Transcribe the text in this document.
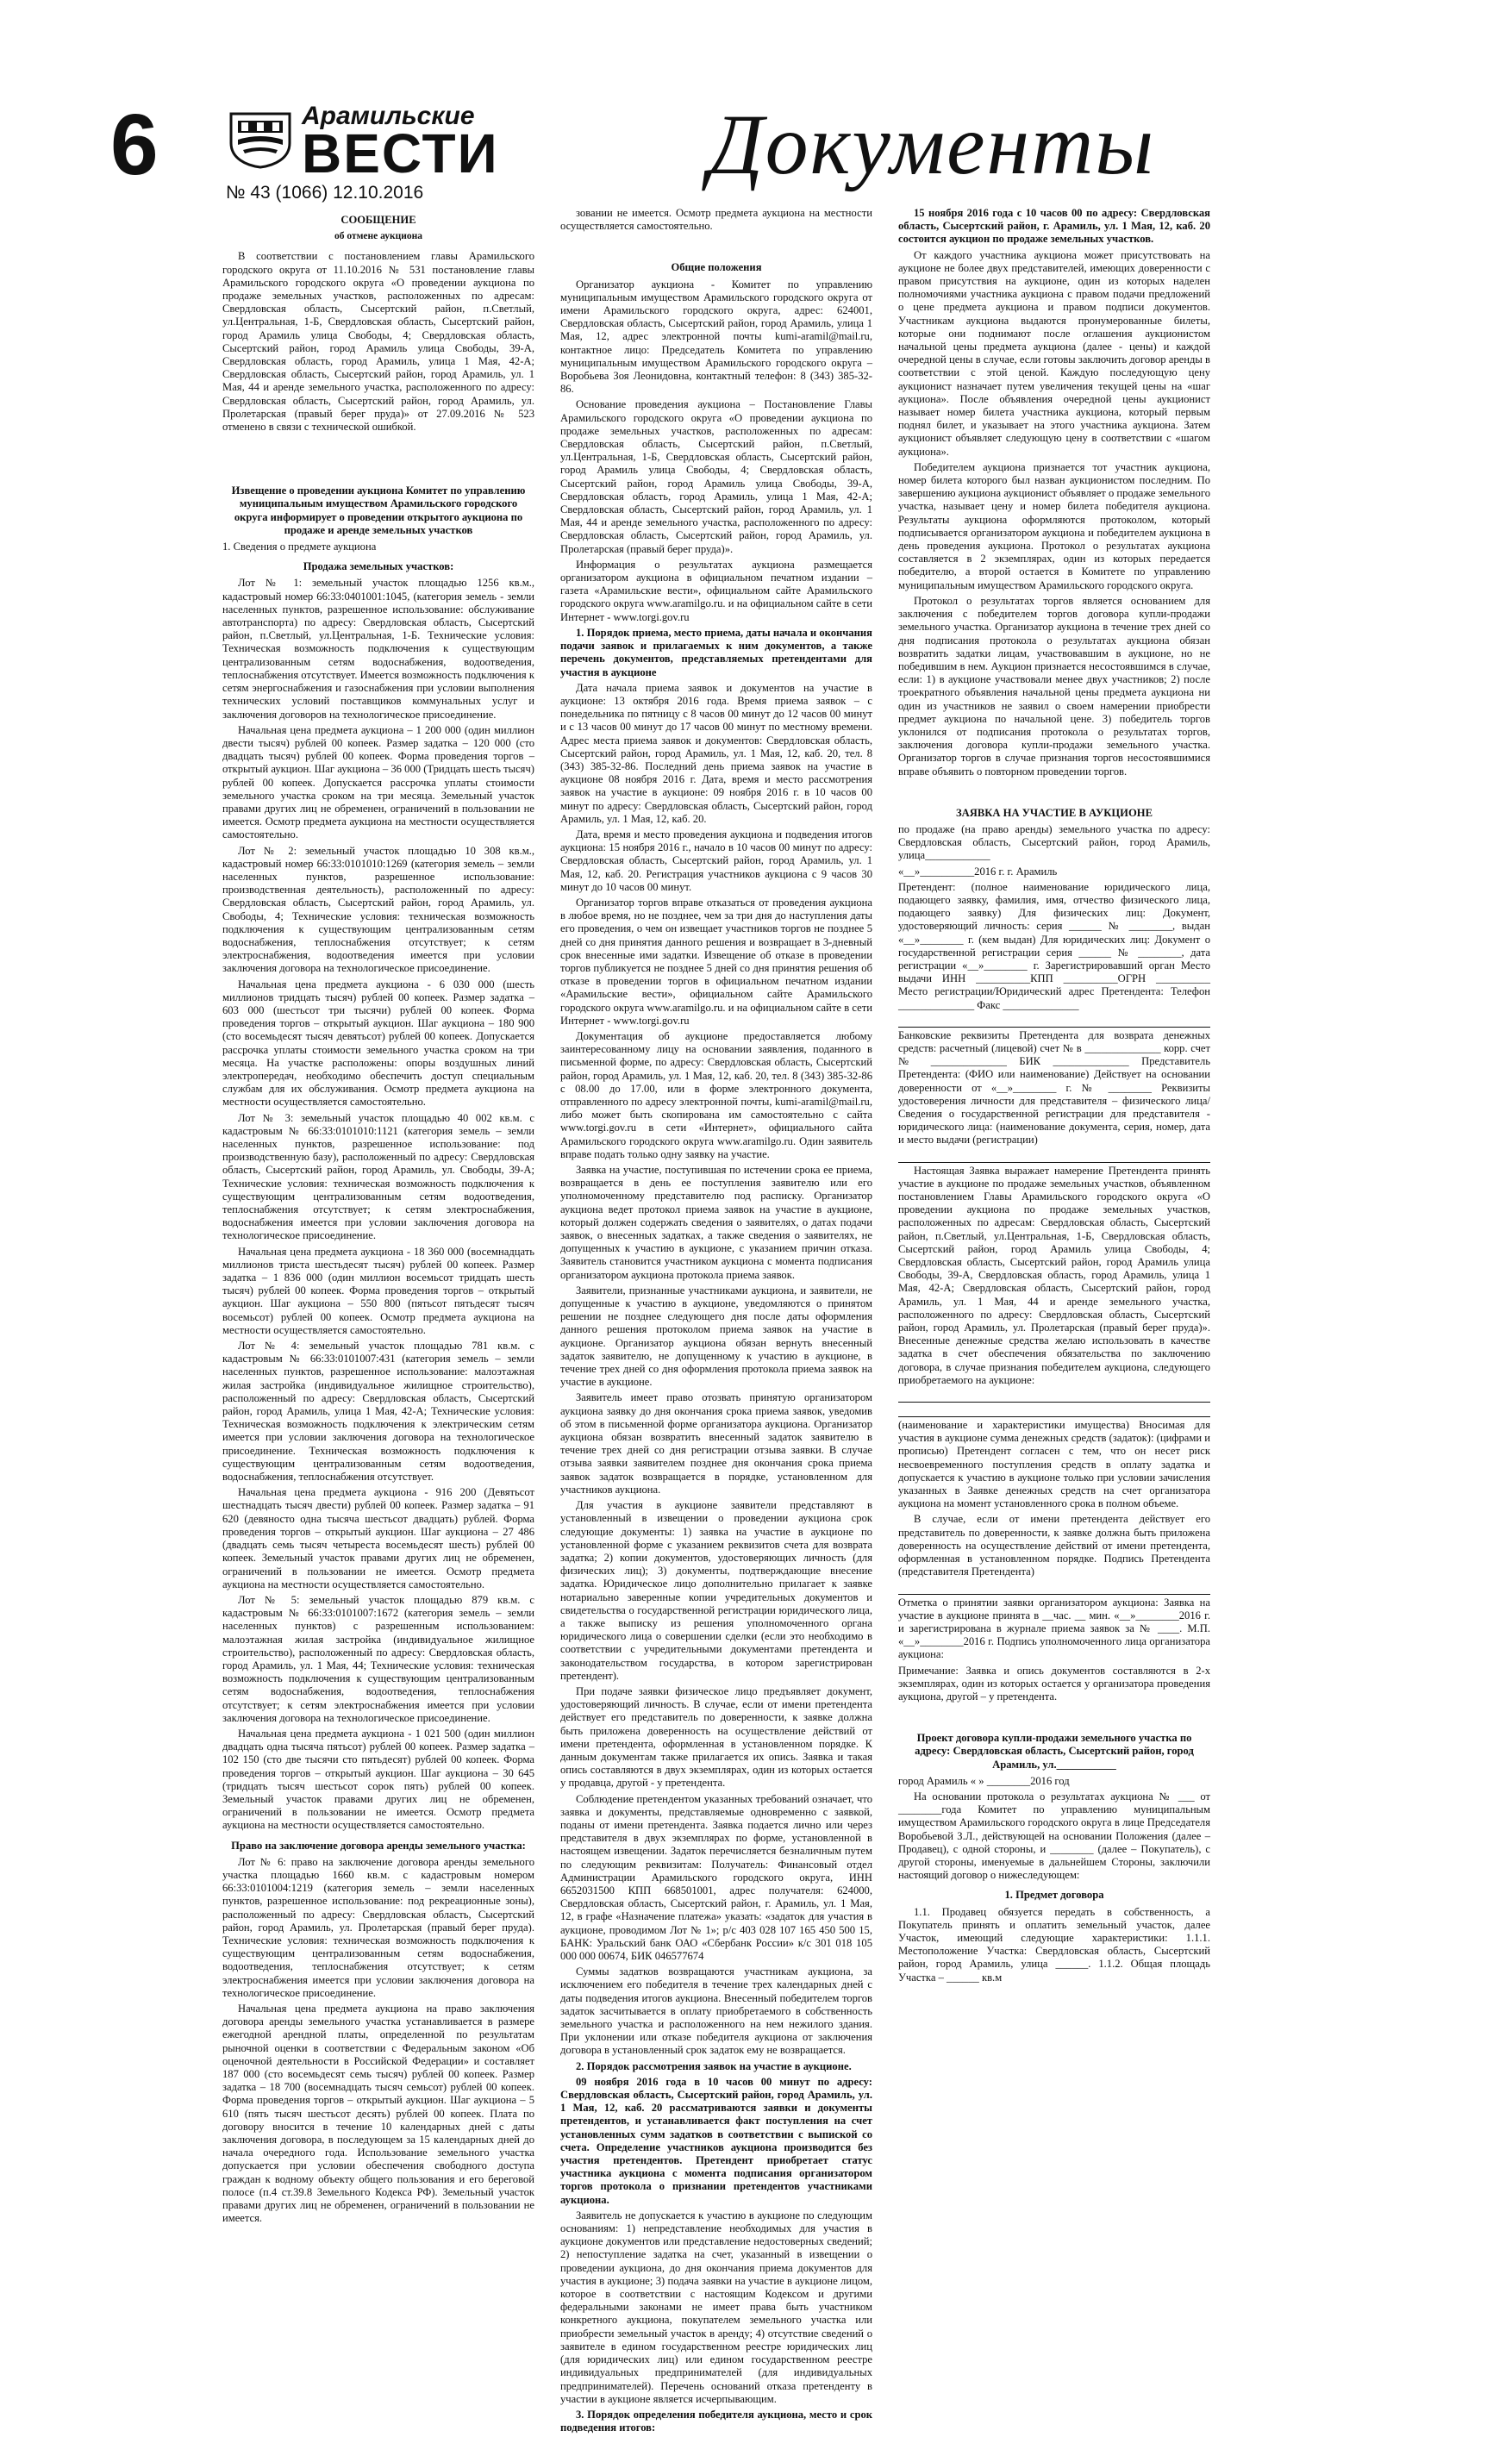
6	Арамильские
ВЕСТИ
№ 43 (1066) 12.10.2016
Документы

СООБЩЕНИЕ

об отмене аукциона

В соответствии с постановлением главы Арамильского городского округа от 11.10.2016 № 531 постановление главы Арамильского городского округа «О проведении аукциона по продаже земельных участков, расположенных по адресам: Свердловская область, Сысертский район, п.Светлый, ул.Центральная, 1-Б, Свердловская область, Сысертский район, город Арамиль улица Свободы, 4; Свердловская область, Сысертский район, город Арамиль улица Свободы, 39-А, Свердловская область, город Арамиль, улица 1 Мая, 42-А; Свердловская область, Сысертский район, город Арамиль, ул. 1 Мая, 44 и аренде земельного участка, расположенного по адресу: Свердловская область, Сысертский район, город Арамиль, ул. Пролетарская (правый берег пруда)» от 27.09.2016 № 523 отменено в связи с технической ошибкой.

Извещение о проведении аукциона Комитет по управлению муниципальным имуществом Арамильского городского округа информирует о проведении открытого аукциона по продаже и аренде земельных участков

1. Сведения о предмете аукциона

Продажа земельных участков:

Лот № 1: земельный участок площадью 1256 кв.м., кадастровый номер 66:33:0401001:1045, (категория земель - земли населенных пунктов, разрешенное использование: обслуживание автотранспорта) по адресу: Свердловская область, Сысертский район, п.Светлый, ул.Центральная, 1-Б. Технические условия: Техническая возможность подключения к существующим централизованным сетям водоснабжения, водоотведения, теплоснабжения отсутствует. Имеется возможность подключения к сетям энергоснабжения и газоснабжения при условии выполнения технических условий поставщиков коммунальных услуг и заключения договоров на технологическое присоединение.

Начальная цена предмета аукциона – 1 200 000 (один миллион двести тысяч) рублей 00 копеек. Размер задатка – 120 000 (сто двадцать тысяч) рублей 00 копеек. Форма проведения торгов – открытый аукцион. Шаг аукциона – 36 000 (Тридцать шесть тысяч) рублей 00 копеек. Допускается рассрочка уплаты стоимости земельного участка сроком на три месяца. Земельный участок правами других лиц не обременен, ограничений в пользовании не имеется. Осмотр предмета аукциона на местности осуществляется самостоятельно.

Лот № 2: земельный участок площадью 10 308 кв.м., кадастровый номер 66:33:0101010:1269 (категория земель – земли населенных пунктов, разрешенное использование: производственная деятельность), расположенный по адресу: Свердловская область, Сысертский район, город Арамиль, ул. Свободы, 4; Технические условия: техническая возможность подключения к существующим централизованным сетям водоснабжения, теплоснабжения отсутствует; к сетям электроснабжения, водоотведения имеется при условии заключения договора на технологическое присоединение.

Начальная цена предмета аукциона - 6 030 000 (шесть миллионов тридцать тысяч) рублей 00 копеек. Размер задатка – 603 000 (шестьсот три тысячи) рублей 00 копеек. Форма проведения торгов – открытый аукцион. Шаг аукциона – 180 900 (сто восемьдесят тысяч девятьсот) рублей 00 копеек. Допускается рассрочка уплаты стоимости земельного участка сроком на три месяца. На участке расположены: опоры воздушных линий электропередач, необходимо обеспечить доступ специальным службам для их обслуживания. Осмотр предмета аукциона на местности осуществляется самостоятельно.

Лот № 3: земельный участок площадью 40 002 кв.м. с кадастровым № 66:33:0101010:1121 (категория земель – земли населенных пунктов, разрешенное использование: под производственную базу), расположенный по адресу: Свердловская область, Сысертский район, город Арамиль, ул. Свободы, 39-А; Технические условия: техническая возможность подключения к существующим централизованным сетям водоотведения, теплоснабжения отсутствует; к сетям электроснабжения, водоснабжения имеется при условии заключения договора на технологическое присоединение.

Начальная цена предмета аукциона - 18 360 000 (восемнадцать миллионов триста шестьдесят тысяч) рублей 00 копеек. Размер задатка – 1 836 000 (один миллион восемьсот тридцать шесть тысяч) рублей 00 копеек. Форма проведения торгов – открытый аукцион. Шаг аукциона – 550 800 (пятьсот пятьдесят тысяч восемьсот) рублей 00 копеек. Осмотр предмета аукциона на местности осуществляется самостоятельно.

Лот № 4: земельный участок площадью 781 кв.м. с кадастровым № 66:33:0101007:431 (категория земель – земли населенных пунктов, разрешенное использование: малоэтажная жилая застройка (индивидуальное жилищное строительство), расположенный по адресу: Свердловская область, Сысертский район, город Арамиль, улица 1 Мая, 42-А; Технические условия: Техническая возможность подключения к электрическим сетям имеется при условии заключения договора на технологическое присоединение. Техническая возможность подключения к существующим централизованным сетям водоотведения, водоснабжения, теплоснабжения отсутствует.

Начальная цена предмета аукциона - 916 200 (Девятьсот шестнадцать тысяч двести) рублей 00 копеек. Размер задатка – 91 620 (девяносто одна тысяча шестьсот двадцать) рублей. Форма проведения торгов – открытый аукцион. Шаг аукциона – 27 486 (двадцать семь тысяч четыреста восемьдесят шесть) рублей 00 копеек. Земельный участок правами других лиц не обременен, ограничений в пользовании не имеется. Осмотр предмета аукциона на местности осуществляется самостоятельно.

Лот № 5: земельный участок площадью 879 кв.м. с кадастровым № 66:33:0101007:1672 (категория земель – земли населенных пунктов) с разрешенным использованием: малоэтажная жилая застройка (индивидуальное жилищное строительство), расположенный по адресу: Свердловская область, город Арамиль, ул. 1 Мая, 44; Технические условия: техническая возможность подключения к существующим централизованным сетям водоснабжения, водоотведения, теплоснабжения отсутствует; к сетям электроснабжения имеется при условии заключения договора на технологическое присоединение.

Начальная цена предмета аукциона - 1 021 500 (один миллион двадцать одна тысяча пятьсот) рублей 00 копеек. Размер задатка – 102 150 (сто две тысячи сто пятьдесят) рублей 00 копеек. Форма проведения торгов – открытый аукцион. Шаг аукциона – 30 645 (тридцать тысяч шестьсот сорок пять) рублей 00 копеек. Земельный участок правами других лиц не обременен, ограничений в пользовании не имеется. Осмотр предмета аукциона на местности осуществляется самостоятельно.

Право на заключение договора аренды земельного участка:

Лот № 6: право на заключение договора аренды земельного участка площадью 1660 кв.м. с кадастровым номером 66:33:0101004:1219 (категория земель – земли населенных пунктов, разрешенное использование: под рекреационные зоны), расположенный по адресу: Свердловская область, Сысертский район, город Арамиль, ул. Пролетарская (правый берег пруда). Технические условия: техническая возможность подключения к существующим централизованным сетям водоснабжения, водоотведения, теплоснабжения отсутствует; к сетям электроснабжения имеется при условии заключения договора на технологическое присоединение.

Начальная цена предмета аукциона на право заключения договора аренды земельного участка устанавливается в размере ежегодной арендной платы, определенной по результатам рыночной оценки в соответствии с Федеральным законом «Об оценочной деятельности в Российской Федерации» и составляет 187 000 (сто восемьдесят семь тысяч) рублей 00 копеек. Размер задатка – 18 700 (восемнадцать тысяч семьсот) рублей 00 копеек. Форма проведения торгов – открытый аукцион. Шаг аукциона – 5 610 (пять тысяч шестьсот десять) рублей 00 копеек. Плата по договору вносится в течение 10 календарных дней с даты заключения договора, в последующем за 15 календарных дней до начала очередного года. Использование земельного участка допускается при условии обеспечения свободного доступа граждан к водному объекту общего пользования и его береговой полосе (п.4 ст.39.8 Земельного Кодекса РФ). Земельный участок правами других лиц не обременен, ограничений в пользовании не имеется.

зовании не имеется. Осмотр предмета аукциона на местности осуществляется самостоятельно.

Общие положения

Организатор аукциона - Комитет по управлению муниципальным имуществом Арамильского городского округа от имени Арамильского городского округа, адрес: 624001, Свердловская область, Сысертский район, город Арамиль, улица 1 Мая, 12, адрес электронной почты kumi-aramil@mail.ru, контактное лицо: Председатель Комитета по управлению муниципальным имуществом Арамильского городского округа – Воробьева Зоя Леонидовна, контактный телефон: 8 (343) 385-32-86.

Основание проведения аукциона – Постановление Главы Арамильского городского округа «О проведении аукциона по продаже земельных участков, расположенных по адресам: Свердловская область, Сысертский район, п.Светлый, ул.Центральная, 1-Б, Свердловская область, Сысертский район, город Арамиль улица Свободы, 4; Свердловская область, Сысертский район, город Арамиль улица Свободы, 39-А, Свердловская область, город Арамиль, улица 1 Мая, 42-А; Свердловская область, Сысертский район, город Арамиль, ул. 1 Мая, 44 и аренде земельного участка, расположенного по адресу: Свердловская область, Сысертский район, город Арамиль, ул. Пролетарская (правый берег пруда)».

Информация о результатах аукциона размещается организатором аукциона в официальном печатном издании – газета «Арамильские вести», официальном сайте Арамильского городского округа www.aramilgo.ru. и на официальном сайте в сети Интернет - www.torgi.gov.ru

1. Порядок приема, место приема, даты начала и окончания подачи заявок и прилагаемых к ним документов, а также перечень документов, представляемых претендентами для участия в аукционе

Дата начала приема заявок и документов на участие в аукционе: 13 октября 2016 года. Время приема заявок – с понедельника по пятницу с 8 часов 00 минут до 12 часов 00 минут и с 13 часов 00 минут до 17 часов 00 минут по местному времени. Адрес места приема заявок и документов: Свердловская область, Сысертский район, город Арамиль, ул. 1 Мая, 12, каб. 20, тел. 8 (343) 385-32-86. Последний день приема заявок на участие в аукционе 08 ноября 2016 г. Дата, время и место рассмотрения заявок на участие в аукционе: 09 ноября 2016 г. в 10 часов 00 минут по адресу: Свердловская область, Сысертский район, город Арамиль, ул. 1 Мая, 12, каб. 20.

Дата, время и место проведения аукциона и подведения итогов аукциона: 15 ноября 2016 г., начало в 10 часов 00 минут по адресу: Свердловская область, Сысертский район, город Арамиль, ул. 1 Мая, 12, каб. 20. Регистрация участников аукциона с 9 часов 30 минут до 10 часов 00 минут.

Организатор торгов вправе отказаться от проведения аукциона в любое время, но не позднее, чем за три дня до наступления даты его проведения, о чем он извещает участников торгов не позднее 5 дней со дня принятия данного решения и возвращает в 3-дневный срок внесенные ими задатки. Извещение об отказе в проведении торгов публикуется не позднее 5 дней со дня принятия решения об отказе в проведении торгов в официальном печатном издании «Арамильские вести», официальном сайте Арамильского городского округа www.aramilgo.ru. и на официальном сайте в сети Интернет - www.torgi.gov.ru

Документация об аукционе предоставляется любому заинтересованному лицу на основании заявления, поданного в письменной форме, по адресу: Свердловская область, Сысертский район, город Арамиль, ул. 1 Мая, 12, каб. 20, тел. 8 (343) 385-32-86 с 08.00 до 17.00, или в форме электронного документа, отправленного по адресу электронной почты, kumi-aramil@mail.ru, либо может быть скопирована им самостоятельно с сайта www.torgi.gov.ru в сети «Интернет», официального сайта Арамильского городского округа www.aramilgo.ru. Один заявитель вправе подать только одну заявку на участие.

Заявка на участие, поступившая по истечении срока ее приема, возвращается в день ее поступления заявителю или его уполномоченному представителю под расписку. Организатор аукциона ведет протокол приема заявок на участие в аукционе, который должен содержать сведения о заявителях, о датах подачи заявок, о внесенных задатках, а также сведения о заявителях, не допущенных к участию в аукционе, с указанием причин отказа. Заявитель становится участником аукциона с момента подписания организатором аукциона протокола приема заявок.

Заявители, признанные участниками аукциона, и заявители, не допущенные к участию в аукционе, уведомляются о принятом решении не позднее следующего дня после даты оформления данного решения протоколом приема заявок на участие в аукционе. Организатор аукциона обязан вернуть внесенный задаток заявителю, не допущенному к участию в аукционе, в течение трех дней со дня оформления протокола приема заявок на участие в аукционе.

Заявитель имеет право отозвать принятую организатором аукциона заявку до дня окончания срока приема заявок, уведомив об этом в письменной форме организатора аукциона. Организатор аукциона обязан возвратить внесенный задаток заявителю в течение трех дней со дня регистрации отзыва заявки. В случае отзыва заявки заявителем позднее дня окончания срока приема заявок задаток возвращается в порядке, установленном для участников аукциона.

Для участия в аукционе заявители представляют в установленный в извещении о проведении аукциона срок следующие документы: 1) заявка на участие в аукционе по установленной форме с указанием реквизитов счета для возврата задатка; 2) копии документов, удостоверяющих личность (для физических лиц); 3) документы, подтверждающие внесение задатка. Юридическое лицо дополнительно прилагает к заявке нотариально заверенные копии учредительных документов и свидетельства о государственной регистрации юридического лица, а также выписку из решения уполномоченного органа юридического лица о совершении сделки (если это необходимо в соответствии с учредительными документами претендента и законодательством государства, в котором зарегистрирован претендент).

При подаче заявки физическое лицо предъявляет документ, удостоверяющий личность. В случае, если от имени претендента действует его представитель по доверенности, к заявке должна быть приложена доверенность на осуществление действий от имени претендента, оформленная в установленном порядке. К данным документам также прилагается их опись. Заявка и такая опись составляются в двух экземплярах, один из которых остается у продавца, другой - у претендента.

Соблюдение претендентом указанных требований означает, что заявка и документы, представляемые одновременно с заявкой, поданы от имени претендента. Заявка подается лично или через представителя в двух экземплярах по форме, установленной в настоящем извещении. Задаток перечисляется безналичным путем по следующим реквизитам: Получатель: Финансовый отдел Администрации Арамильского городского округа, ИНН 6652031500 КПП 668501001, адрес получателя: 624000, Свердловская область, Сысертский район, г. Арамиль, ул. 1 Мая, 12, в графе «Назначение платежа» указать: «задаток для участия в аукционе, проводимом Лот № 1»; р/с 403 028 107 165 450 500 15, БАНК: Уральский банк ОАО «Сбербанк России» к/с 301 018 105 000 000 00674, БИК 046577674

Суммы задатков возвращаются участникам аукциона, за исключением его победителя в течение трех календарных дней с даты подведения итогов аукциона. Внесенный победителем торгов задаток засчитывается в оплату приобретаемого в собственность земельного участка и расположенного на нем нежилого здания. При уклонении или отказе победителя аукциона от заключения договора в установленный срок задаток ему не возвращается.

2. Порядок рассмотрения заявок на участие в аукционе.

09 ноября 2016 года в 10 часов 00 минут по адресу: Свердловская область, Сысертский район, город Арамиль, ул. 1 Мая, 12, каб. 20 рассматриваются заявки и документы претендентов, и устанавливается факт поступления на счет установленных сумм задатков в соответствии с выпиской со счета. Определение участников аукциона производится без участия претендентов. Претендент приобретает статус участника аукциона с момента подписания организатором торгов протокола о признании претендентов участниками аукциона.

Заявитель не допускается к участию в аукционе по следующим основаниям: 1) непредставление необходимых для участия в аукционе документов или представление недостоверных сведений; 2) непоступление задатка на счет, указанный в извещении о проведении аукциона, до дня окончания приема документов для участия в аукционе; 3) подача заявки на участие в аукционе лицом, которое в соответствии с настоящим Кодексом и другими федеральными законами не имеет права быть участником конкретного аукциона, покупателем земельного участка или приобрести земельный участок в аренду; 4) отсутствие сведений о заявителе в едином государственном реестре юридических лиц (для юридических лиц) или едином государственном реестре индивидуальных предпринимателей (для индивидуальных предпринимателей). Перечень оснований отказа претенденту в участии в аукционе является исчерпывающим.

3. Порядок определения победителя аукциона, место и срок подведения итогов:

15 ноября 2016 года с 10 часов 00 по адресу: Свердловская область, Сысертский район, г. Арамиль, ул. 1 Мая, 12, каб. 20 состоится аукцион по продаже земельных участков.

От каждого участника аукциона может присутствовать на аукционе не более двух представителей, имеющих доверенности с правом присутствия на аукционе, один из которых наделен полномочиями участника аукциона с правом подачи предложений о цене предмета аукциона и правом подписи документов. Участникам аукциона выдаются пронумерованные билеты, которые они поднимают после оглашения аукционистом начальной цены предмета аукциона (далее - цены) и каждой очередной цены в случае, если готовы заключить договор аренды в соответствии с этой ценой. Каждую последующую цену аукционист назначает путем увеличения текущей цены на «шаг аукциона». После объявления очередной цены аукционист называет номер билета участника аукциона, который первым поднял билет, и указывает на этого участника аукциона. Затем аукционист объявляет следующую цену в соответствии с «шагом аукциона».

Победителем аукциона признается тот участник аукциона, номер билета которого был назван аукционистом последним. По завершению аукциона аукционист объявляет о продаже земельного участка, называет цену и номер билета победителя аукциона. Результаты аукциона оформляются протоколом, который подписывается организатором аукциона и победителем аукциона в день проведения аукциона. Протокол о результатах аукциона составляется в 2 экземплярах, один из которых передается победителю, а второй остается в Комитете по управлению муниципальным имуществом Арамильского городского округа.

Протокол о результатах торгов является основанием для заключения с победителем торгов договора купли-продажи земельного участка. Организатор аукциона в течение трех дней со дня подписания протокола о результатах аукциона обязан возвратить задатки лицам, участвовавшим в аукционе, но не победившим в нем. Аукцион признается несостоявшимся в случае, если: 1) в аукционе участвовали менее двух участников; 2) после троекратного объявления начальной цены предмета аукциона ни один из участников не заявил о своем намерении приобрести предмет аукциона по начальной цене. 3) победитель торгов уклонился от подписания протокола о результатах торгов, заключения договора купли-продажи земельного участка. Организатор торгов в случае признания торгов несостоявшимися вправе объявить о повторном проведении торгов.

ЗАЯВКА НА УЧАСТИЕ В АУКЦИОНЕ

по продаже (на право аренды) земельного участка по адресу: Свердловская область, Сысертский район, город Арамиль, улица____________

«__»__________2016 г. г. Арамиль

Претендент: (полное наименование юридического лица, подающего заявку, фамилия, имя, отчество физического лица, подающего заявку) Для физических лиц: Документ, удостоверяющий личность: серия ______ № ________, выдан «__»________ г. (кем выдан) Для юридических лиц: Документ о государственной регистрации серия ______ № ________, дата регистрации «__»________ г. Зарегистрировавший орган Место выдачи ИНН __________КПП __________ОГРН __________ Место регистрации/Юридический адрес Претендента: Телефон ______________ Факс ______________

Банковские реквизиты Претендента для возврата денежных средств: расчетный (лицевой) счет № в ______________ корр. счет № ______________ БИК ______________ Представитель Претендента: (ФИО или наименование) Действует на основании доверенности от «__»________ г. № ________ Реквизиты удостоверения личности для представителя – физического лица/ Сведения о государственной регистрации для представителя - юридического лица: (наименование документа, серия, номер, дата и место выдачи (регистрации)

Настоящая Заявка выражает намерение Претендента принять участие в аукционе по продаже земельных участков, объявленном постановлением Главы Арамильского городского округа «О проведении аукциона по продаже земельных участков, расположенных по адресам: Свердловская область, Сысертский район, п.Светлый, ул.Центральная, 1-Б, Свердловская область, Сысертский район, город Арамиль улица Свободы, 4; Свердловская область, Сысертский район, город Арамиль улица Свободы, 39-А, Свердловская область, город Арамиль, улица 1 Мая, 42-А; Свердловская область, Сысертский район, город Арамиль, ул. 1 Мая, 44 и аренде земельного участка, расположенного по адресу: Свердловская область, Сысертский район, город Арамиль, ул. Пролетарская (правый берег пруда)». Внесенные денежные средства желаю использовать в качестве задатка в счет обеспечения обязательства по заключению договора, в случае признания победителем аукциона, следующего приобретаемого на аукционе:

(наименование и характеристики имущества) Вносимая для участия в аукционе сумма денежных средств (задаток): (цифрами и прописью) Претендент согласен с тем, что он несет риск несвоевременного поступления средств в оплату задатка и допускается к участию в аукционе только при условии зачисления указанных в Заявке денежных средств на счет организатора аукциона на момент установленного срока в полном объеме.

В случае, если от имени претендента действует его представитель по доверенности, к заявке должна быть приложена доверенность на осуществление действий от имени претендента, оформленная в установленном порядке. Подпись Претендента (представителя Претендента)

Отметка о принятии заявки организатором аукциона: Заявка на участие в аукционе принята в __час. __ мин. «__»________2016 г. и зарегистрирована в журнале приема заявок за № ____. М.П. «__»________2016 г. Подпись уполномоченного лица организатора аукциона:

Примечание: Заявка и опись документов составляются в 2-х экземплярах, один из которых остается у организатора проведения аукциона, другой – у претендента.

Проект договора купли-продажи земельного участка по адресу: Свердловская область, Сысертский район, город Арамиль, ул.___________

город Арамиль « » ________2016 год

На основании протокола о результатах аукциона № ___ от ________года Комитет по управлению муниципальным имуществом Арамильского городского округа в лице Председателя Воробьевой З.Л., действующей на основании Положения (далее – Продавец), с одной стороны, и ________ (далее – Покупатель), с другой стороны, именуемые в дальнейшем Стороны, заключили настоящий договор о нижеследующем:

1. Предмет договора

1.1. Продавец обязуется передать в собственность, а Покупатель принять и оплатить земельный участок, далее Участок, имеющий следующие характеристики: 1.1.1. Местоположение Участка: Свердловская область, Сысертский район, город Арамиль, улица ______. 1.1.2. Общая площадь Участка – ______ кв.м
